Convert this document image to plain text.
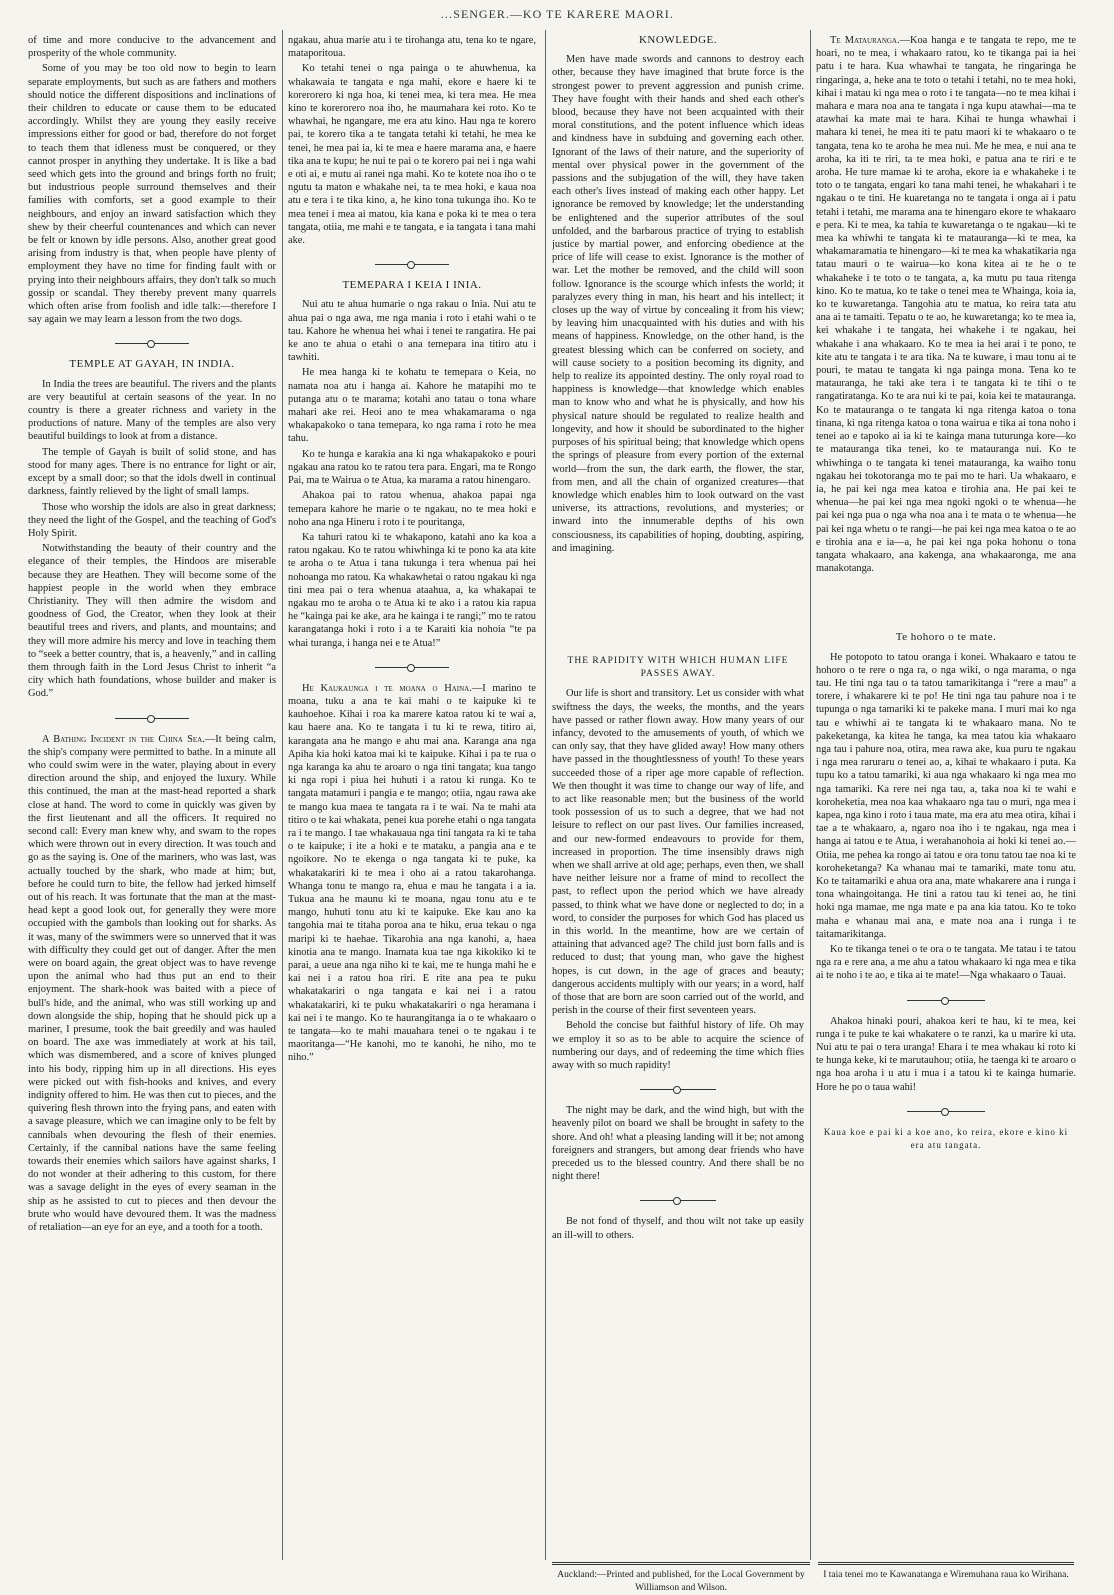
…SENGER.—KO TE KARERE MAORI.

of time and more conducive to the advancement and prosperity of the whole community.

Some of you may be too old now to begin to learn separate employments, but such as are fathers and mothers should notice the different dispositions and inclinations of their children to educate or cause them to be educated accordingly. Whilst they are young they easily receive impressions either for good or bad, therefore do not forget to teach them that idleness must be conquered, or they cannot prosper in anything they undertake. It is like a bad seed which gets into the ground and brings forth no fruit; but industrious people surround themselves and their families with comforts, set a good example to their neighbours, and enjoy an inward satisfaction which they shew by their cheerful countenances and which can never be felt or known by idle persons. Also, another great good arising from industry is that, when people have plenty of employment they have no time for finding fault with or prying into their neighbours affairs, they don't talk so much gossip or scandal. They thereby prevent many quarrels which often arise from foolish and idle talk:—therefore I say again we may learn a lesson from the two dogs.

TEMPLE AT GAYAH, IN INDIA.

In India the trees are beautiful. The rivers and the plants are very beautiful at certain seasons of the year. In no country is there a greater richness and variety in the productions of nature. Many of the temples are also very beautiful buildings to look at from a distance.

The temple of Gayah is built of solid stone, and has stood for many ages. There is no entrance for light or air, except by a small door; so that the idols dwell in continual darkness, faintly relieved by the light of small lamps.

Those who worship the idols are also in great darkness; they need the light of the Gospel, and the teaching of God's Holy Spirit.

Notwithstanding the beauty of their country and the elegance of their temples, the Hindoos are miserable because they are Heathen. They will become some of the happiest people in the world when they embrace Christianity. They will then admire the wisdom and goodness of God, the Creator, when they look at their beautiful trees and rivers, and plants, and mountains; and they will more admire his mercy and love in teaching them to “seek a better country, that is, a heavenly,” and in calling them through faith in the Lord Jesus Christ to inherit “a city which hath foundations, whose builder and maker is God.”

A Bathing Incident in the China Sea.—It being calm, the ship's company were permitted to bathe. In a minute all who could swim were in the water, playing about in every direction around the ship, and enjoyed the luxury. While this continued, the man at the mast-head reported a shark close at hand. The word to come in quickly was given by the first lieutenant and all the officers. It required no second call: Every man knew why, and swam to the ropes which were thrown out in every direction. It was touch and go as the saying is. One of the mariners, who was last, was actually touched by the shark, who made at him; but, before he could turn to bite, the fellow had jerked himself out of his reach. It was fortunate that the man at the mast-head kept a good look out, for generally they were more occupied with the gambols than looking out for sharks. As it was, many of the swimmers were so unnerved that it was with difficulty they could get out of danger. After the men were on board again, the great object was to have revenge upon the animal who had thus put an end to their enjoyment. The shark-hook was baited with a piece of bull's hide, and the animal, who was still working up and down alongside the ship, hoping that he should pick up a mariner, I presume, took the bait greedily and was hauled on board. The axe was immediately at work at his tail, which was dismembered, and a score of knives plunged into his body, ripping him up in all directions. His eyes were picked out with fish-hooks and knives, and every indignity offered to him. He was then cut to pieces, and the quivering flesh thrown into the frying pans, and eaten with a savage pleasure, which we can imagine only to be felt by cannibals when devouring the flesh of their enemies. Certainly, if the cannibal nations have the same feeling towards their enemies which sailors have against sharks, I do not wonder at their adhering to this custom, for there was a savage delight in the eyes of every seaman in the ship as he assisted to cut to pieces and then devour the brute who would have devoured them. It was the madness of retaliation—an eye for an eye, and a tooth for a tooth.

ngakau, ahua marie atu i te tirohanga atu, tena ko te ngare, mataporitoua.

Ko tetahi tenei o nga painga o te ahuwhenua, ka whakawaia te tangata e nga mahi, ekore e haere ki te korerorero ki nga hoa, ki tenei mea, ki tera mea. He mea kino te korerorero noa iho, he maumahara kei roto. Ko te whawhai, he ngangare, me era atu kino. Hau nga te korero pai, te korero tika a te tangata tetahi ki tetahi, he mea ke tenei, he mea pai ia, ki te mea e haere marama ana, e haere tika ana te kupu; he nui te pai o te korero pai nei i nga wahi e oti ai, e mutu ai ranei nga mahi. Ko te kotete noa iho o te ngutu ta maton e whakahe nei, ta te mea hoki, e kaua noa atu e tera i te tika kino, a, he kino tona tukunga iho. Ko te mea tenei i mea ai matou, kia kana e poka ki te mea o tera tangata, otiia, me mahi e te tangata, e ia tangata i tana mahi ake.

TEMEPARA I KEIA I INIA.

Nui atu te ahua humarie o nga rakau o Inia. Nui atu te ahua pai o nga awa, me nga mania i roto i etahi wahi o te tau. Kahore he whenua hei whai i tenei te rangatira. He pai ke ano te ahua o etahi o ana temepara ina titiro atu i tawhiti.

He mea hanga ki te kohatu te temepara o Keia, no namata noa atu i hanga ai. Kahore he matapihi mo te putanga atu o te marama; kotahi ano tatau o tona whare mahari ake rei. Heoi ano te mea whakamarama o nga whakapakoko o tana temepara, ko nga rama i roto he mea tahu.

Ko te hunga e karakia ana ki nga whakapakoko e pouri ngakau ana ratou ko te ratou tera para. Engari, ma te Rongo Pai, ma te Wairua o te Atua, ka marama a ratou hinengaro.

Ahakoa pai to ratou whenua, ahakoa papai nga temepara kahore he marie o te ngakau, no te mea hoki e noho ana nga Hineru i roto i te pouritanga,

Ka tahuri ratou ki te whakapono, katahi ano ka koa a ratou ngakau. Ko te ratou whiwhinga ki te pono ka ata kite te aroha o te Atua i tana tukunga i tera whenua pai hei nohoanga mo ratou. Ka whakawhetai o ratou ngakau ki nga tini mea pai o tera whenua ataahua, a, ka whakapai te ngakau mo te aroha o te Atua ki te ako i a ratou kia rapua he “kainga pai ke ake, ara he kainga i te rangi;” mo te ratou karangatanga hoki i roto i a te Karaiti kia nohoia “te pa whai turanga, i hanga nei e te Atua!”

He Kaukaunga i te moana o Haina.—I marino te moana, tuku a ana te kai mahi o te kaipuke ki te kauhoehoe. Kihai i roa ka marere katoa ratou ki te wai a, kau haere ana. Ko te tangata i tu ki te rewa, titiro ai, karangata ana he mango e ahu mai ana. Karanga ana nga Apiha kia hoki katoa mai ki te kaipuke. Kihai i pa te rua o nga karanga ka ahu te aroaro o nga tini tangata; kua tango ki nga ropi i piua hei huhuti i a ratou ki runga. Ko te tangata matamuri i pangia e te mango; otiia, ngau rawa ake te mango kua maea te tangata ra i te wai. Na te mahi ata titiro o te kai whakata, penei kua porehe etahi o nga tangata ra i te mango. I tae whakauaua nga tini tangata ra ki te taha o te kaipuke; i ite a hoki e te mataku, a pangia ana e te ngoikore. No te ekenga o nga tangata ki te puke, ka whakatakariri ki te mea i oho ai a ratou takarohanga. Whanga tonu te mango ra, ehua e mau he tangata i a ia. Tukua ana he maunu ki te moana, ngau tonu atu e te mango, huhuti tonu atu ki te kaipuke. Eke kau ano ka tangohia mai te titaha poroa ana te hiku, erua tekau o nga maripi ki te haehae. Tikarohia ana nga kanohi, a, haea kinotia ana te mango. Inamata kua tae nga kikokiko ki te parai, a ueue ana nga niho ki te kai, me te hunga mahi he e kai nei i a ratou hoa riri. E rite ana pea te puku whakatakariri o nga tangata e kai nei i a ratou whakatakariri, ki te puku whakatakariri o nga heramana i kai nei i te mango. Ko te haurangitanga ia o te whakaaro o te tangata—ko te mahi mauahara tenei o te ngakau i te maoritanga—“He kanohi, mo te kanohi, he niho, mo te niho.”

KNOWLEDGE.

Men have made swords and cannons to destroy each other, because they have imagined that brute force is the strongest power to prevent aggression and punish crime. They have fought with their hands and shed each other's blood, because they have not been acquainted with their moral constitutions, and the potent influence which ideas and kindness have in subduing and governing each other. Ignorant of the laws of their nature, and the superiority of mental over physical power in the government of the passions and the subjugation of the will, they have taken each other's lives instead of making each other happy. Let ignorance be removed by knowledge; let the understanding be enlightened and the superior attributes of the soul unfolded, and the barbarous practice of trying to establish justice by martial power, and enforcing obedience at the price of life will cease to exist. Ignorance is the mother of war. Let the mother be removed, and the child will soon follow. Ignorance is the scourge which infests the world; it paralyzes every thing in man, his heart and his intellect; it closes up the way of virtue by concealing it from his view; by leaving him unacquainted with his duties and with his means of happiness. Knowledge, on the other hand, is the greatest blessing which can be conferred on society, and will cause society to a position becoming its dignity, and help to realize its appointed destiny. The only royal road to happiness is knowledge—that knowledge which enables man to know who and what he is physically, and how his physical nature should be regulated to realize health and longevity, and how it should be subordinated to the higher purposes of his spiritual being; that knowledge which opens the springs of pleasure from every portion of the external world—from the sun, the dark earth, the flower, the star, from men, and all the chain of organized creatures—that knowledge which enables him to look outward on the vast universe, its attractions, revolutions, and mysteries; or inward into the innumerable depths of his own consciousness, its capabilities of hoping, doubting, aspiring, and imagining.

THE RAPIDITY WITH WHICH HUMAN LIFE PASSES AWAY.

Our life is short and transitory. Let us consider with what swiftness the days, the weeks, the months, and the years have passed or rather flown away. How many years of our infancy, devoted to the amusements of youth, of which we can only say, that they have glided away! How many others have passed in the thoughtlessness of youth! To these years succeeded those of a riper age more capable of reflection. We then thought it was time to change our way of life, and to act like reasonable men; but the business of the world took possession of us to such a degree, that we had not leisure to reflect on our past lives. Our families increased, and our new-formed endeavours to provide for them, increased in proportion. The time insensibly draws nigh when we shall arrive at old age; perhaps, even then, we shall have neither leisure nor a frame of mind to recollect the past, to reflect upon the period which we have already passed, to think what we have done or neglected to do; in a word, to consider the purposes for which God has placed us in this world. In the meantime, how are we certain of attaining that advanced age? The child just born falls and is reduced to dust; that young man, who gave the highest hopes, is cut down, in the age of graces and beauty; dangerous accidents multiply with our years; in a word, half of those that are born are soon carried out of the world, and perish in the course of their first seventeen years.

Behold the concise but faithful history of life. Oh may we employ it so as to be able to acquire the science of numbering our days, and of redeeming the time which flies away with so much rapidity!

The night may be dark, and the wind high, but with the heavenly pilot on board we shall be brought in safety to the shore. And oh! what a pleasing landing will it be; not among foreigners and strangers, but among dear friends who have preceded us to the blessed country. And there shall be no night there!

Be not fond of thyself, and thou wilt not take up easily an ill-will to others.

Te Matauranga.—Koa hanga e te tangata te repo, me te hoari, no te mea, i whakaaro ratou, ko te tikanga pai ia hei patu i te hara. Kua whawhai te tangata, he ringaringa he ringaringa, a, heke ana te toto o tetahi i tetahi, no te mea hoki, kihai i matau ki nga mea o roto i te tangata—no te mea kihai i mahara e mara noa ana te tangata i nga kupu atawhai—ma te atawhai ka mate mai te hara. Kihai te hunga whawhai i mahara ki tenei, he mea iti te patu maori ki te whakaaro o te tangata, tena ko te aroha he mea nui. Me he mea, e nui ana te aroha, ka iti te riri, ta te mea hoki, e patua ana te riri e te aroha. He ture mamae ki te aroha, ekore ia e whakaheke i te toto o te tangata, engari ko tana mahi tenei, he whakahari i te ngakau o te tini. He kuaretanga no te tangata i onga ai i patu tetahi i tetahi, me marama ana te hinengaro ekore te whakaaro e pera. Ki te mea, ka tahia te kuwaretanga o te ngakau—ki te mea ka whiwhi te tangata ki te matauranga—ki te mea, ka whakamaramatia te hinengaro—ki te mea ka whakatikaria nga tatau mauri o te wairua—ko kona kitea ai te he o te whakaheke i te toto o te tangata, a, ka mutu pu taua ritenga kino. Ko te matua, ko te take o tenei mea te Whainga, koia ia, ko te kuwaretanga. Tangohia atu te matua, ko reira tata atu ana ai te tamaiti. Tepatu o te ao, he kuwaretanga; ko te mea ia, kei whakahe i te tangata, hei whakehe i te ngakau, hei whakahe i ana whakaaro. Ko te mea ia hei arai i te pono, te kite atu te tangata i te ara tika. Na te kuware, i mau tonu ai te pouri, te matau te tangata ki nga painga mona. Tena ko te matauranga, he taki ake tera i te tangata ki te tihi o te rangatiratanga. Ko te ara nui ki te pai, koia kei te matauranga. Ko te matauranga o te tangata ki nga ritenga katoa o tona tinana, ki nga ritenga katoa o tona wairua e tika ai tona noho i tenei ao e tapoko ai ia ki te kainga mana tuturunga kore—ko te matauranga tika tenei, ko te matauranga nui. Ko te whiwhinga o te tangata ki tenei matauranga, ka waiho tonu ngakau hei tokotoranga mo te pai mo te hari. Ua whakaaro, e ia, he pai kei nga mea katoa e tirohia ana. He pai kei te whenua—he pai kei nga mea ngoki ngoki o te whenua—he pai kei nga pua o nga wha noa ana i te mata o te whenua—he pai kei nga whetu o te rangi—he pai kei nga mea katoa o te ao e tirohia ana e ia—a, he pai kei nga poka hohonu o tona tangata whakaaro, ana kakenga, ana whakaaronga, me ana manakotanga.

Te hohoro o te mate.

He potopoto to tatou oranga i konei. Whakaaro e tatou te hohoro o te rere o nga ra, o nga wiki, o nga marama, o nga tau. He tini nga tau o ta tatou tamarikitanga i “rere a mau” a torere, i whakarere ki te po! He tini nga tau pahure noa i te tupunga o nga tamariki ki te pakeke mana. I muri mai ko nga tau e whiwhi ai te tangata ki te whakaaro mana. No te pakeketanga, ka kitea he tanga, ka mea tatou kia whakaaro nga tau i pahure noa, otira, mea rawa ake, kua puru te ngakau i nga mea raruraru o tenei ao, a, kihai te whakaaro i puta. Ka tupu ko a tatou tamariki, ki aua nga whakaaro ki nga mea mo nga tamariki. Ka rere nei nga tau, a, taka noa ki te wahi e koroheketia, mea noa kaa whakaaro nga tau o muri, nga mea i kapea, nga kino i roto i taua mate, ma era atu mea otira, kihai i tae a te whakaaro, a, ngaro noa iho i te ngakau, nga mea i hanga ai tatou e te Atua, i werahanohoia ai hoki ki tenei ao.—Otiia, me pehea ka rongo ai tatou e ora tonu tatou tae noa ki te koroheketanga? Ka whanau mai te tamariki, mate tonu atu. Ko te taitamariki e ahua ora ana, mate whakarere ana i runga i tona whaingoitanga. He tini a ratou tau ki tenei ao, he tini hoki nga mamae, me nga mate e pa ana kia tatou. Ko te toko maha e whanau mai ana, e mate noa ana i runga i te taitamarikitanga.

Ko te tikanga tenei o te ora o te tangata. Me tatau i te tatou nga ra e rere ana, a me ahu a tatou whakaaro ki nga mea e tika ai te noho i te ao, e tika ai te mate!—Nga whakaaro o Tauai.

Ahakoa hinaki pouri, ahakoa keri te hau, ki te mea, kei runga i te puke te kai whakatere o te ranzi, ka u marire ki uta. Nui atu te pai o tera uranga! Ehara i te mea whakau ki roto ki te hunga keke, ki te marutauhou; otiia, he taenga ki te aroaro o nga hoa aroha i u atu i mua i a tatou ki te kainga humarie. Hore he po o taua wahi!

Kaua koe e pai ki a koe ano, ko reira, ekore e kino ki era atu tangata.
Auckland:—Printed and published, for the Local Government by Williamson and Wilson.
I taia tenei mo te Kawanatanga e Wiremuhana raua ko Wirihana.
